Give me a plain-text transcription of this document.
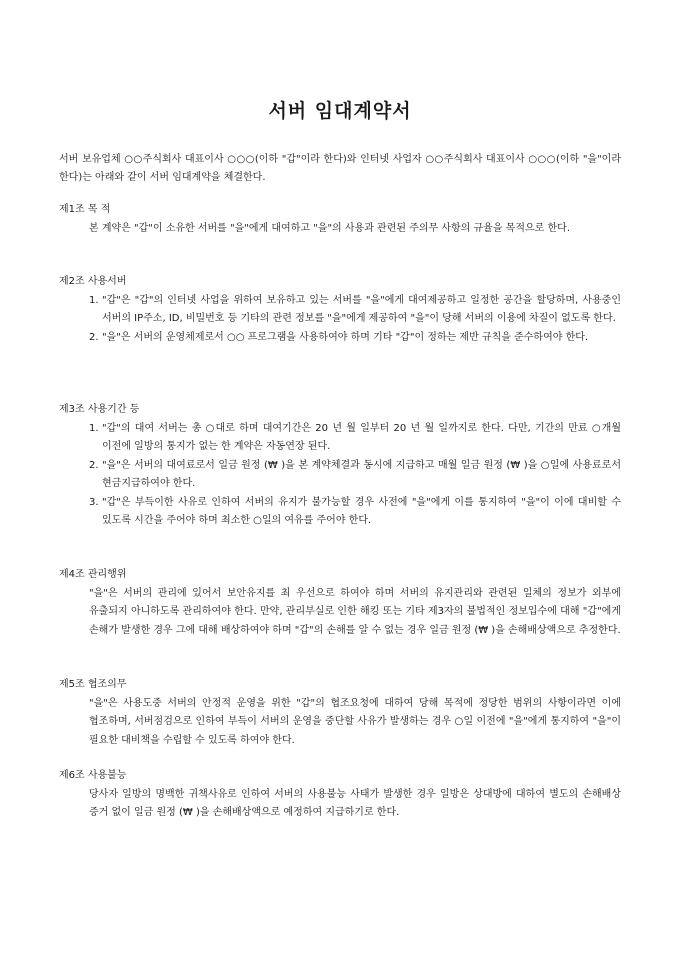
서버 임대계약서
서버 보유업체 ○○주식회사 대표이사 ○○○(이하 "갑"이라 한다)와 인터넷 사업자 ○○주식회사 대표이사 ○○○(이하 "을"이라 한다)는 아래와 같이 서버 임대계약을 체결한다.
제1조 목 적
본 계약은 "갑"이 소유한 서버를 "을"에게 대여하고 "을"의 사용과 관련된 주의무 사항의 규율을 목적으로 한다.
제2조 사용서버
1. "갑"은 "갑"의 인터넷 사업을 위하여 보유하고 있는 서버를 "을"에게 대여제공하고 일정한 공간을 할당하며, 사용중인 서버의 IP주소, ID, 비밀번호 등 기타의 관련 정보를 "을"에게 제공하여 "을"이 당해 서버의 이용에 차질이 없도록 한다.
2. "을"은 서버의 운영체제로서 ○○ 프로그램을 사용하여야 하며 기타 "갑"이 정하는 제반 규칙을 준수하여야 한다.
제3조 사용기간 등
1. "갑"의 대여 서버는 총 ○대로 하며 대여기간은 20 년 월 일부터 20 년 월 일까지로 한다. 다만, 기간의 만료 ○개월 이전에 일방의 통지가 없는 한 계약은 자동연장 된다.
2. "을"은 서버의 대여료로서 일금 원정 (₩ )을 본 계약체결과 동시에 지급하고 매월 일금 원정 (₩ )을 ○일에 사용료로서 현금지급하여야 한다.
3. "갑"은 부득이한 사유로 인하여 서버의 유지가 불가능할 경우 사전에 "을"에게 이를 통지하여 "을"이 이에 대비할 수 있도록 시간을 주어야 하며 최소한 ○일의 여유를 주어야 한다.
제4조 관리행위
"을"은 서버의 관리에 있어서 보안유지를 최 우선으로 하여야 하며 서버의 유지관리와 관련된 일체의 정보가 외부에 유출되지 아니하도록 관리하여야 한다. 만약, 관리부실로 인한 해킹 또는 기타 제3자의 불법적인 정보입수에 대해 "갑"에게 손해가 발생한 경우 그에 대해 배상하여야 하며 "갑"의 손해를 알 수 없는 경우 일금 원정 (₩ )을 손해배상액으로 추정한다.
제5조 협조의무
"을"은 사용도중 서버의 안정적 운영을 위한 "갑"의 협조요청에 대하여 당해 목적에 정당한 범위의 사항이라면 이에 협조하며, 서버점검으로 인하여 부득이 서버의 운영을 중단할 사유가 발생하는 경우 ○일 이전에 "을"에게 통지하여 "을"이 필요한 대비책을 수립할 수 있도록 하여야 한다.
제6조 사용불능
당사자 일방의 명백한 귀책사유로 인하여 서버의 사용불능 사태가 발생한 경우 일방은 상대방에 대하여 별도의 손해배상 증거 없이 일금 원정 (₩ )을 손해배상액으로 예정하여 지급하기로 한다.
